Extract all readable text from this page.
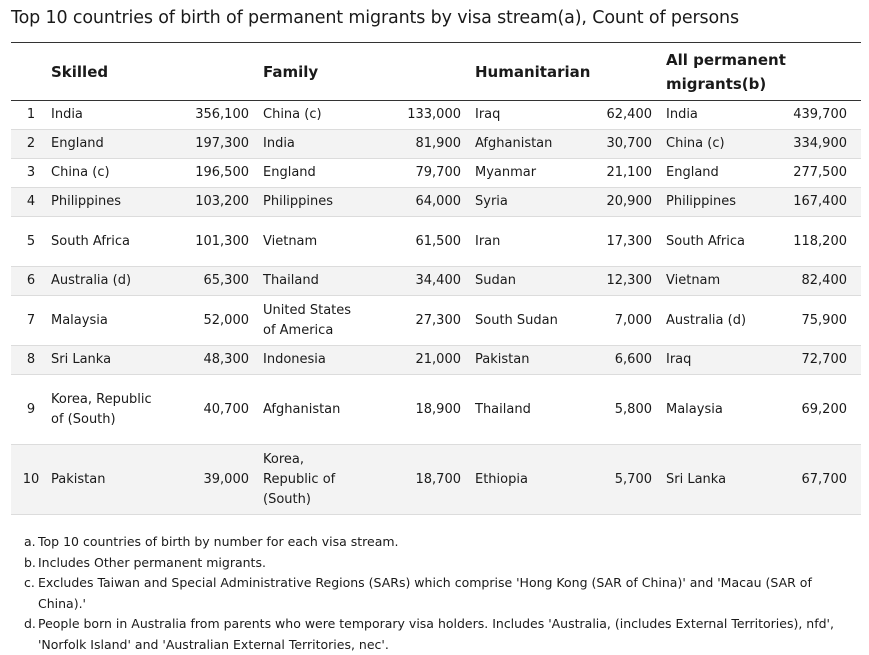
Top 10 countries of birth of permanent migrants by visa stream(a), Count of persons
	Skilled		Family		Humanitarian		All permanent migrants(b)	

1	India	356,100	China (c)	133,000	Iraq	62,400	India	439,700
2	England	197,300	India	81,900	Afghanistan	30,700	China (c)	334,900
3	China (c)	196,500	England	79,700	Myanmar	21,100	England	277,500
4	Philippines	103,200	Philippines	64,000	Syria	20,900	Philippines	167,400
5	South Africa	101,300	Vietnam	61,500	Iran	17,300	South Africa	118,200
6	Australia (d)	65,300	Thailand	34,400	Sudan	12,300	Vietnam	82,400
7	Malaysia	52,000	United States of America	27,300	South Sudan	7,000	Australia (d)	75,900
8	Sri Lanka	48,300	Indonesia	21,000	Pakistan	6,600	Iraq	72,700
9	Korea, Republic of (South)	40,700	Afghanistan	18,900	Thailand	5,800	Malaysia	69,200
10	Pakistan	39,000	Korea, Republic of (South)	18,700	Ethiopia	5,700	Sri Lanka	67,700
a. Top 10 countries of birth by number for each visa stream.
b. Includes Other permanent migrants.
c. Excludes Taiwan and Special Administrative Regions (SARs) which comprise 'Hong Kong (SAR of China)' and 'Macau (SAR of China).'
d. People born in Australia from parents who were temporary visa holders. Includes 'Australia, (includes External Territories), nfd', 'Norfolk Island' and 'Australian External Territories, nec'.
